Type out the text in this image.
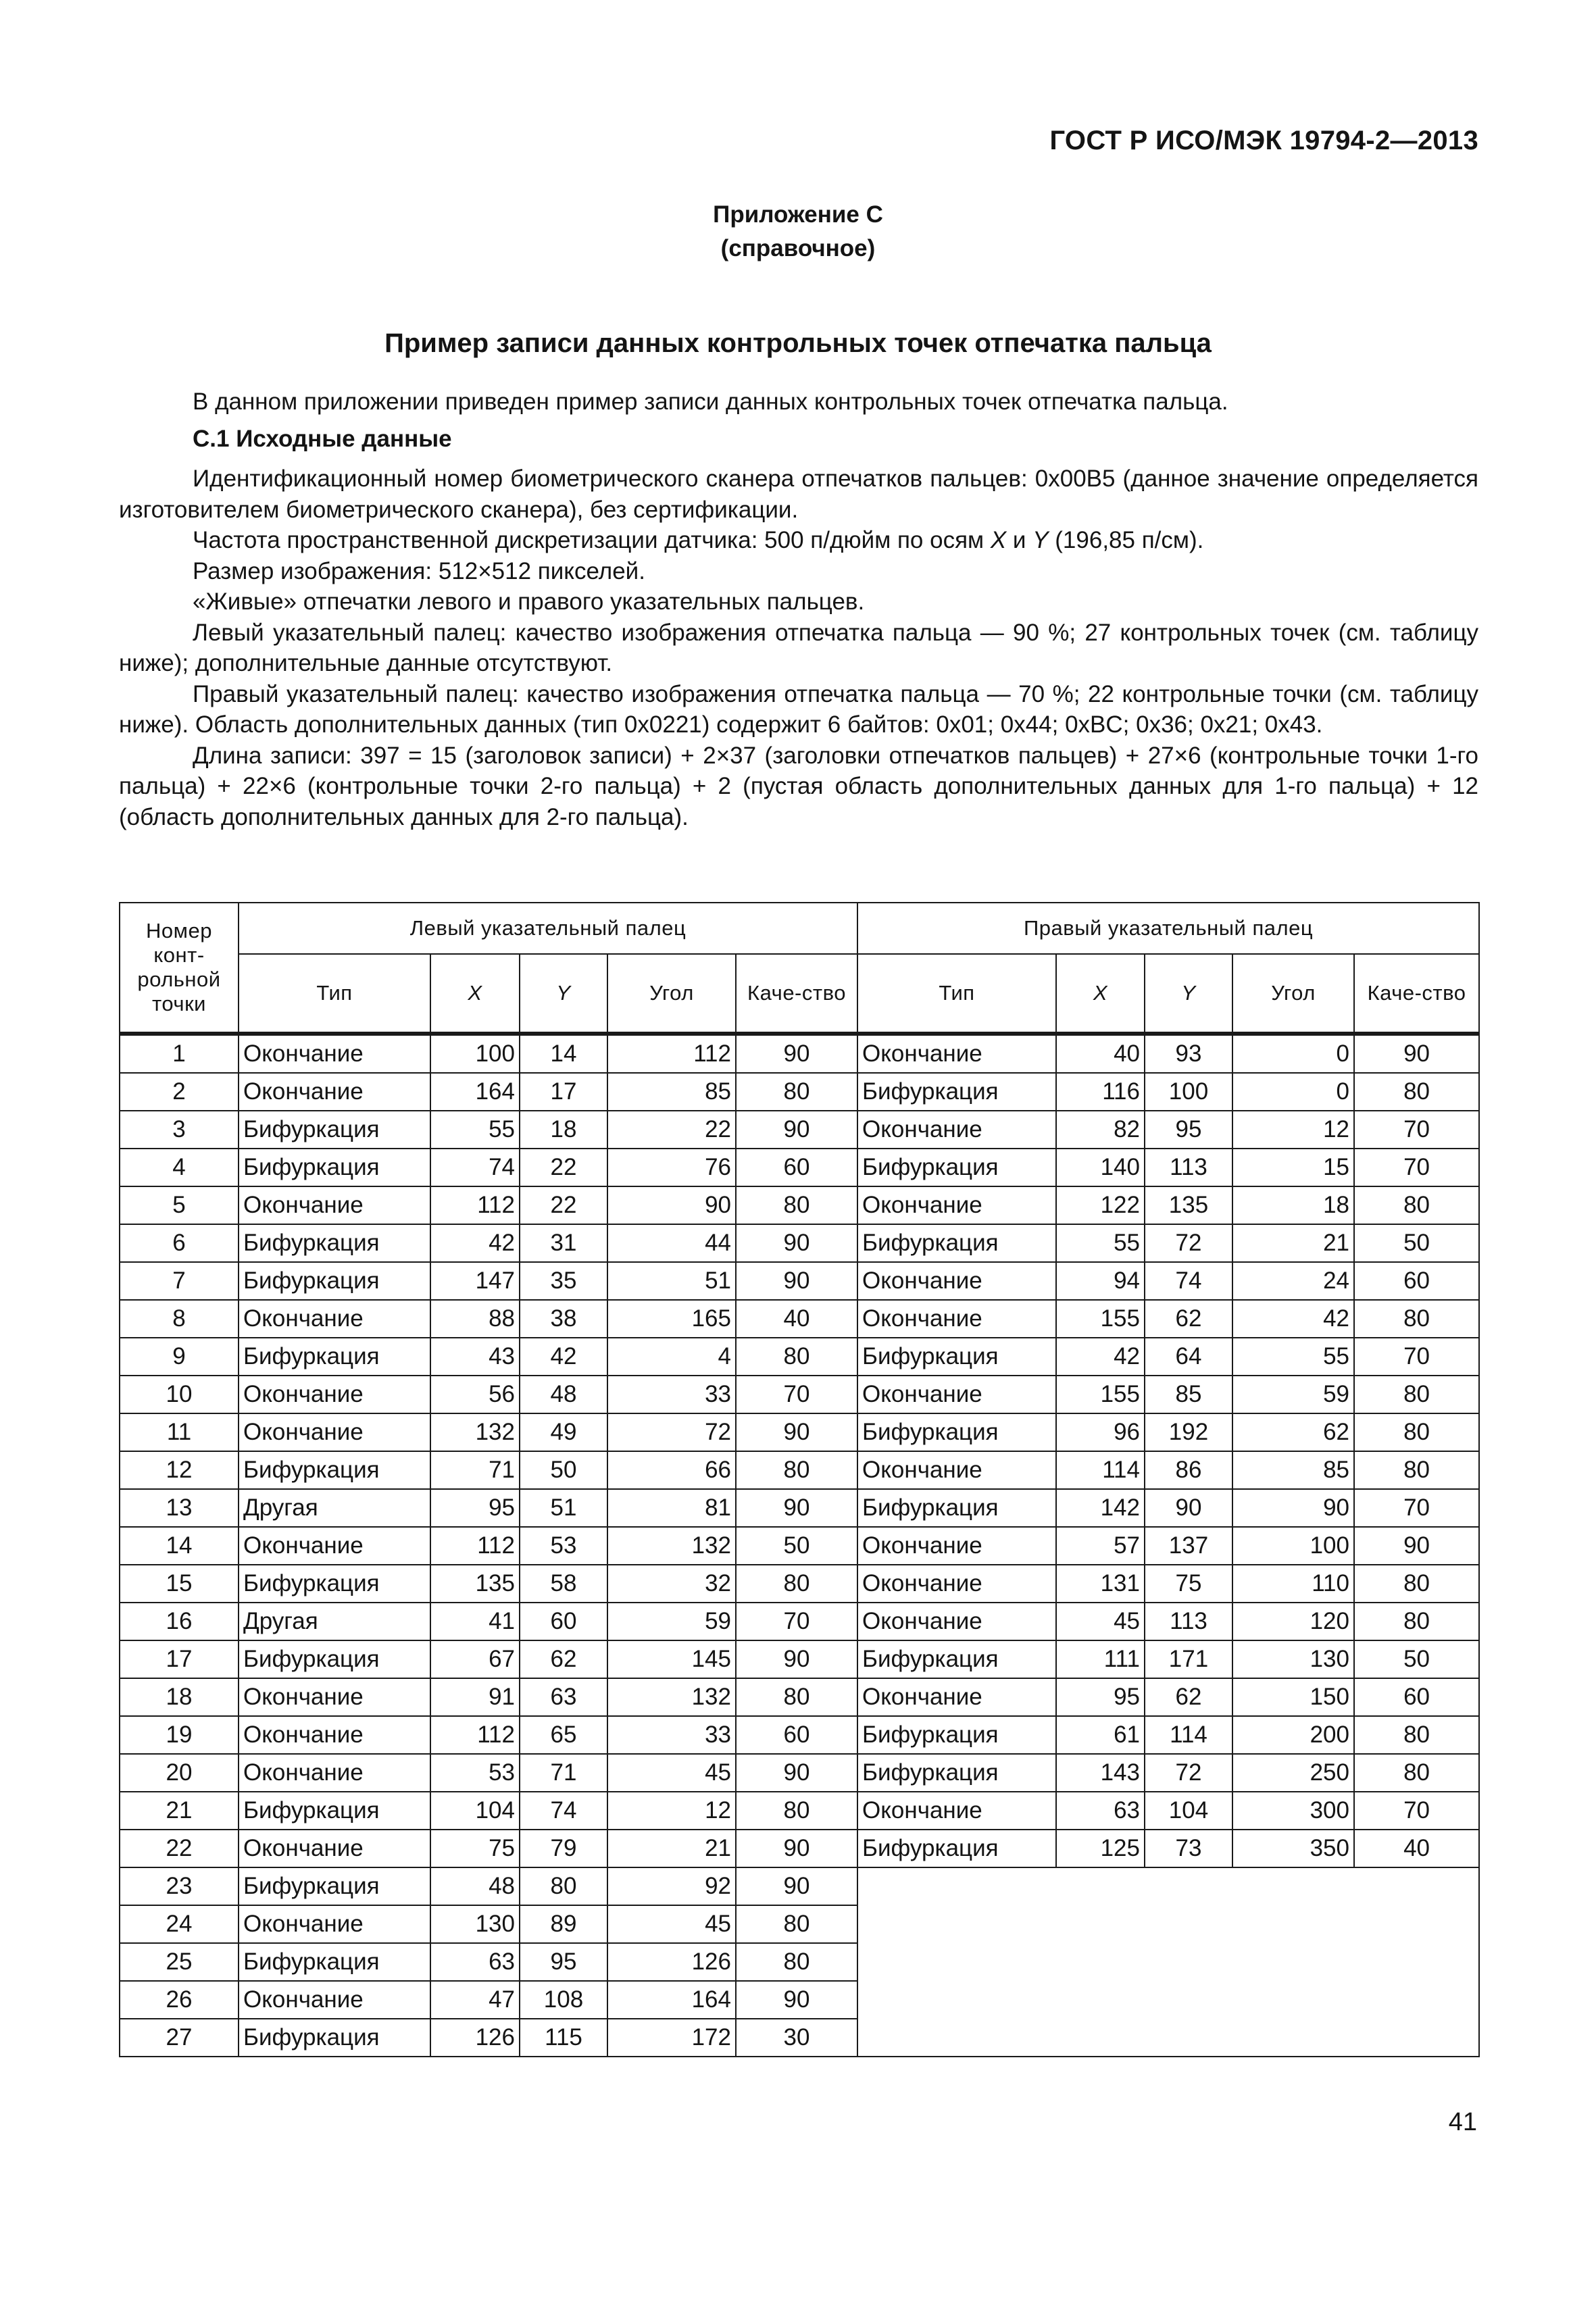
ГОСТ Р ИСО/МЭК 19794-2—2013
Приложение С
(справочное)
Пример записи данных контрольных точек отпечатка пальца

В данном приложении приведен пример записи данных контрольных точек отпечатка пальца.

С.1 Исходные данные

Идентификационный номер биометрического сканера отпечатков пальцев: 0x00B5 (данное значение определяется изготовителем биометрического сканера), без сертификации.

Частота пространственной дискретизации датчика: 500 п/дюйм по осям X и Y (196,85 п/см).

Размер изображения: 512×512 пикселей.

«Живые» отпечатки левого и правого указательных пальцев.

Левый указательный палец: качество изображения отпечатка пальца — 90 %; 27 контрольных точек (см. таблицу ниже); дополнительные данные отсутствуют.

Правый указательный палец: качество изображения отпечатка пальца — 70 %; 22 контрольные точки (см. таблицу ниже). Область дополнительных данных (тип 0x0221) содержит 6 байтов: 0x01; 0x44; 0xBC; 0x36; 0x21; 0x43.

Длина записи: 397 = 15 (заголовок записи) + 2×37 (заголовки отпечатков пальцев) + 27×6 (контрольные точки 1-го пальца) + 22×6 (контрольные точки 2-го пальца) + 2 (пустая область дополнительных данных для 1-го пальца) + 12 (область дополнительных данных для 2-го пальца).

Номер конт-рольной точки	Левый указательный палец					Правый указательный палец				
	Тип	X	Y	Угол	Каче-ство	Тип	X	Y	Угол	Каче-ство
1	Окончание	100	14	112	90	Окончание	40	93	0	90
2	Окончание	164	17	85	80	Бифуркация	116	100	0	80
3	Бифуркация	55	18	22	90	Окончание	82	95	12	70
4	Бифуркация	74	22	76	60	Бифуркация	140	113	15	70
5	Окончание	112	22	90	80	Окончание	122	135	18	80
6	Бифуркация	42	31	44	90	Бифуркация	55	72	21	50
7	Бифуркация	147	35	51	90	Окончание	94	74	24	60
8	Окончание	88	38	165	40	Окончание	155	62	42	80
9	Бифуркация	43	42	4	80	Бифуркация	42	64	55	70
10	Окончание	56	48	33	70	Окончание	155	85	59	80
11	Окончание	132	49	72	90	Бифуркация	96	192	62	80
12	Бифуркация	71	50	66	80	Окончание	114	86	85	80
13	Другая	95	51	81	90	Бифуркация	142	90	90	70
14	Окончание	112	53	132	50	Окончание	57	137	100	90
15	Бифуркация	135	58	32	80	Окончание	131	75	110	80
16	Другая	41	60	59	70	Окончание	45	113	120	80
17	Бифуркация	67	62	145	90	Бифуркация	111	171	130	50
18	Окончание	91	63	132	80	Окончание	95	62	150	60
19	Окончание	112	65	33	60	Бифуркация	61	114	200	80
20	Окончание	53	71	45	90	Бифуркация	143	72	250	80
21	Бифуркация	104	74	12	80	Окончание	63	104	300	70
22	Окончание	75	79	21	90	Бифуркация	125	73	350	40
23	Бифуркация	48	80	92	90					
24	Окончание	130	89	45	80					
25	Бифуркация	63	95	126	80					
26	Окончание	47	108	164	90					
27	Бифуркация	126	115	172	30					
41
